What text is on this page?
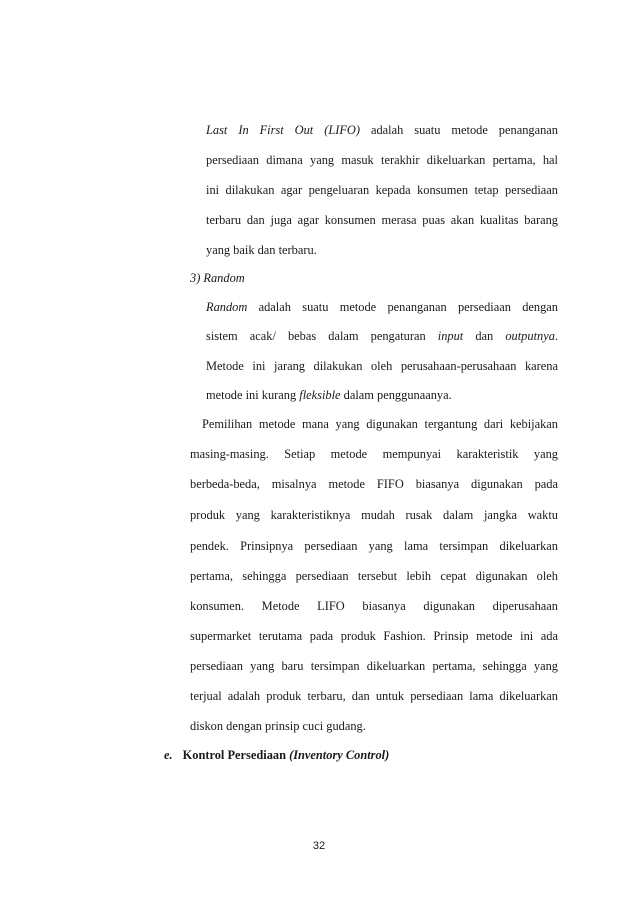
Last In First Out (LIFO) adalah suatu metode penanganan
persediaan dimana yang masuk terakhir dikeluarkan pertama, hal
ini dilakukan agar pengeluaran kepada konsumen tetap persediaan
terbaru dan juga agar konsumen merasa puas akan kualitas barang
yang baik dan terbaru.
3) Random
Random adalah suatu metode penanganan persediaan dengan
sistem acak/ bebas dalam pengaturan input dan outputnya.
Metode ini jarang dilakukan oleh perusahaan-perusahaan karena
metode ini kurang fleksible dalam penggunaanya.
Pemilihan metode mana yang digunakan tergantung dari kebijakan
masing-masing. Setiap metode mempunyai karakteristik yang
berbeda-beda, misalnya metode FIFO biasanya digunakan pada
produk yang karakteristiknya mudah rusak dalam jangka waktu
pendek. Prinsipnya persediaan yang lama tersimpan dikeluarkan
pertama, sehingga persediaan tersebut lebih cepat digunakan oleh
konsumen. Metode LIFO biasanya digunakan diperusahaan
supermarket terutama pada produk Fashion. Prinsip metode ini ada
persediaan yang baru tersimpan dikeluarkan pertama, sehingga yang
terjual adalah produk terbaru, dan untuk persediaan lama dikeluarkan
diskon dengan prinsip cuci gudang.
e. Kontrol Persediaan (Inventory Control)
32
